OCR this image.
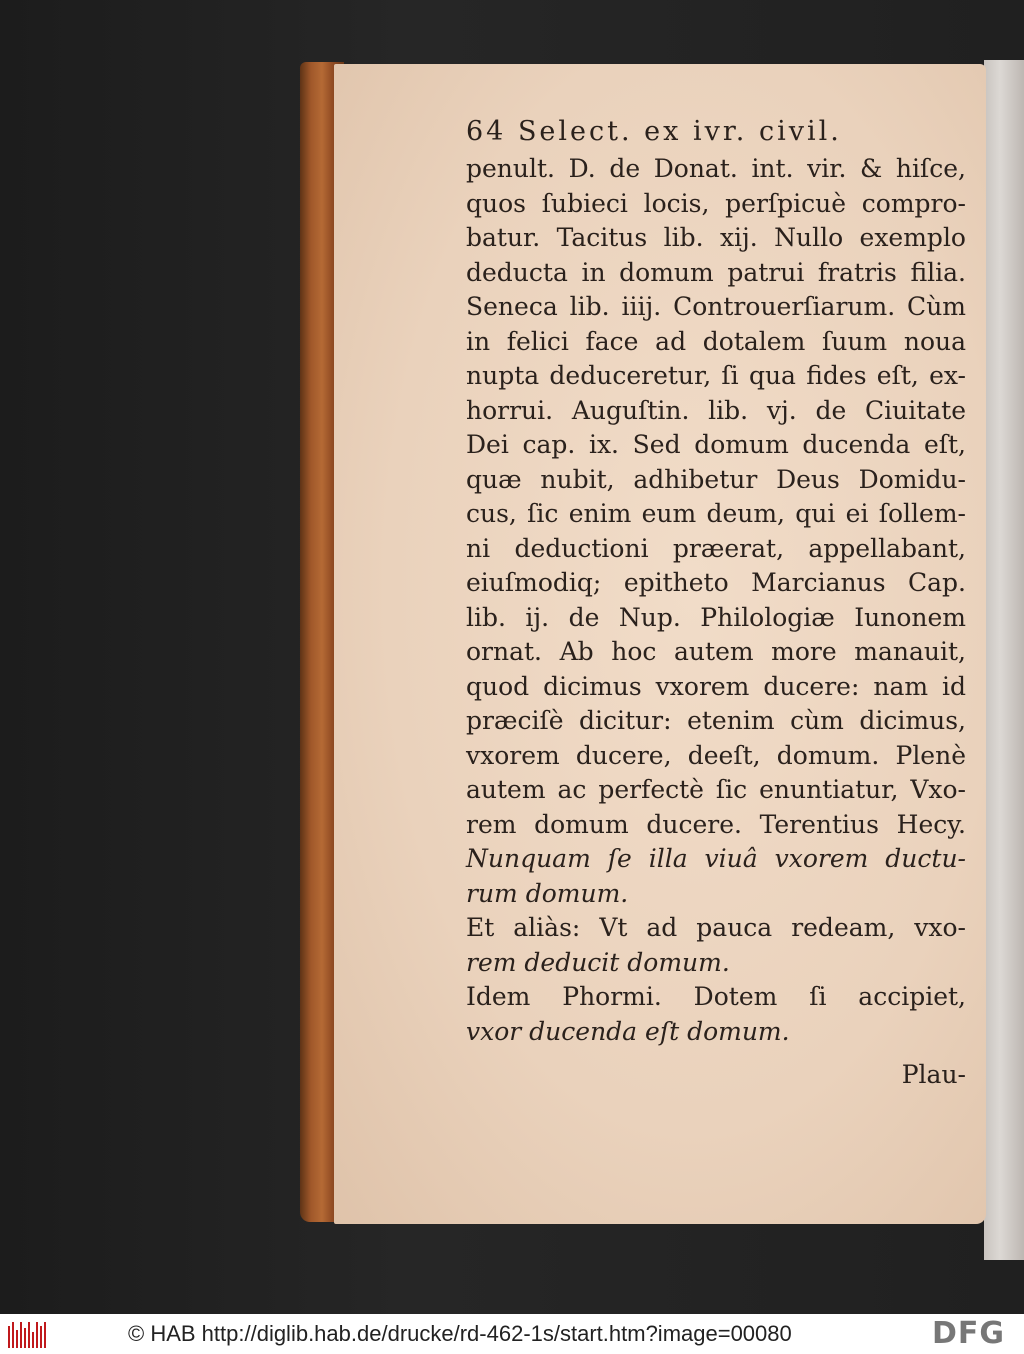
64 Select. ex ivr. civil.
penult. D. de Donat. int. vir. & hiſce,
quos ſubieci locis, perſpicuè compro-
batur. Tacitus lib. xij. Nullo exemplo
deducta in domum patrui fratris filia.
Seneca lib. iiij. Controuerſiarum. Cùm
in felici face ad dotalem ſuum noua
nupta deduceretur, ſi qua fides eſt, ex-
horrui. Auguſtin. lib. vj. de Ciuitate
Dei cap. ix. Sed domum ducenda eſt,
quæ nubit, adhibetur Deus Domidu-
cus, ſic enim eum deum, qui ei ſollem-
ni deductioni præerat, appellabant,
eiuſmodiq; epitheto Marcianus Cap.
lib. ij. de Nup. Philologiæ Iunonem
ornat. Ab hoc autem more manauit,
quod dicimus vxorem ducere: nam id
præciſè dicitur: etenim cùm dicimus,
vxorem ducere, deeſt, domum. Plenè
autem ac perfectè ſic enuntiatur, Vxo-
rem domum ducere. Terentius Hecy.
Nunquam ſe illa viuâ vxorem ductu-
rum domum.
Et aliàs: Vt ad pauca redeam, vxo-
rem deducit domum.
Idem Phormi. Dotem ſi accipiet,
vxor ducenda eſt domum.
Plau-
© HAB http://diglib.hab.de/drucke/rd-462-1s/start.htm?image=00080	DFG
